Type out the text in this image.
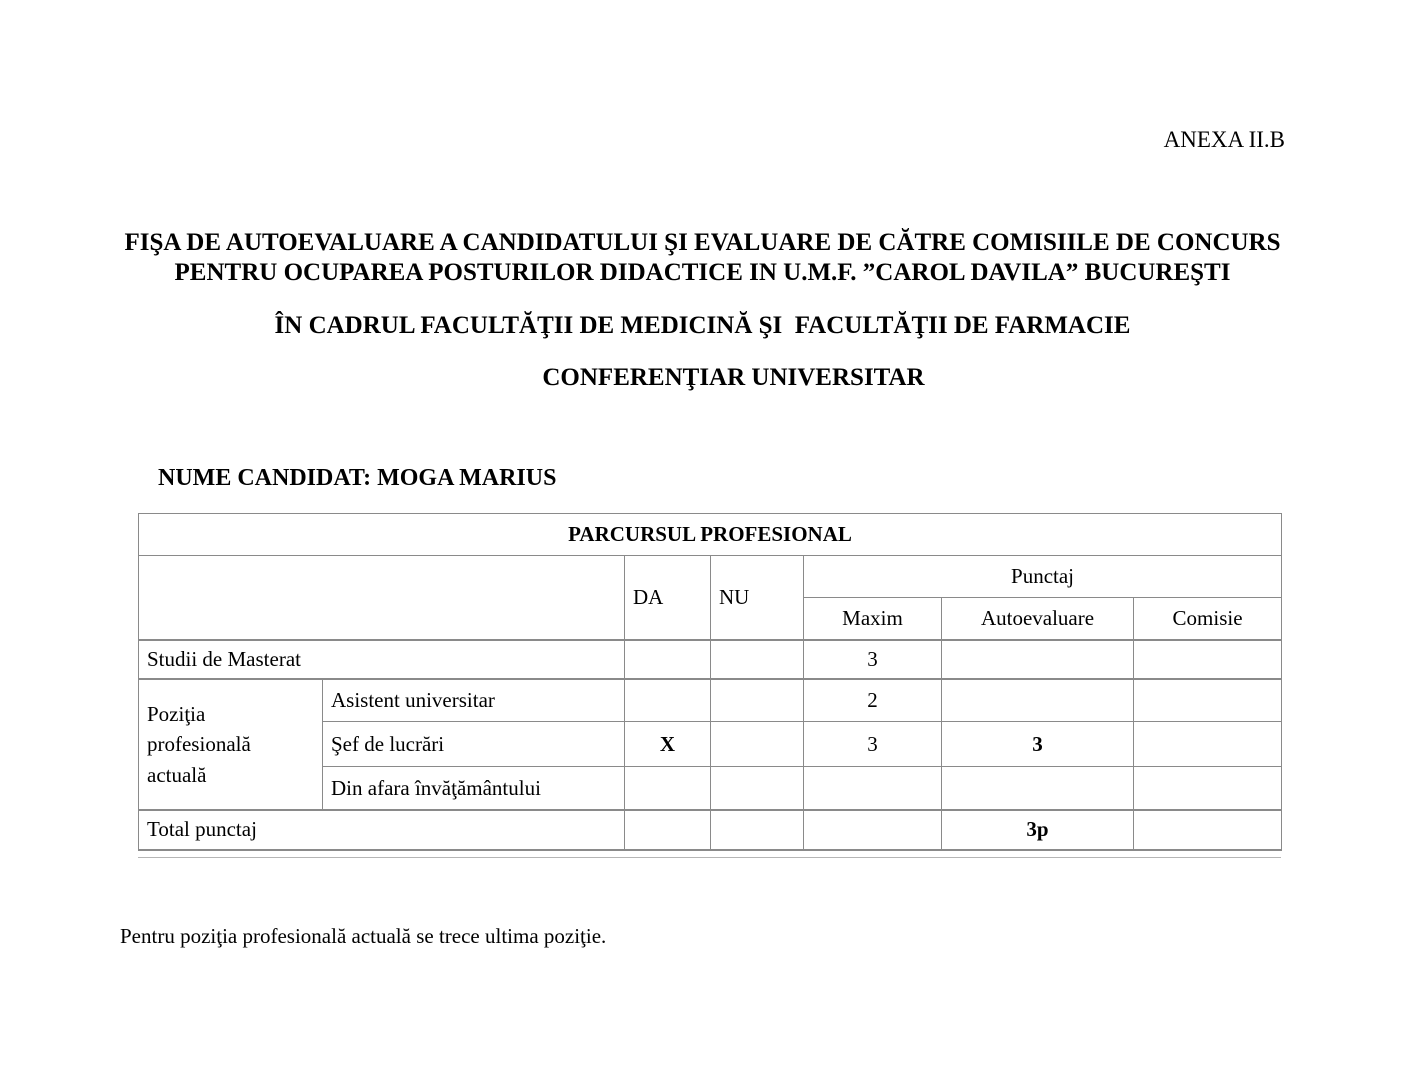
ANEXA II.B
FIŞA DE AUTOEVALUARE A CANDIDATULUI ŞI EVALUARE DE CĂTRE COMISIILE DE CONCURS
PENTRU OCUPAREA POSTURILOR DIDACTICE IN U.M.F. ”CAROL DAVILA” BUCUREŞTI
ÎN CADRUL FACULTĂŢII DE MEDICINĂ ŞI  FACULTĂŢII DE FARMACIE
CONFERENŢIAR UNIVERSITAR
NUME CANDIDAT: MOGA MARIUS
PARCURSUL PROFESIONAL						
		DA	NU	Punctaj		
				Maxim	Autoevaluare	Comisie
Studii de Masterat				3		
Poziţia profesională actuală	Asistent universitar			2		
	Şef de lucrări	X		3	3	
	Din afara învăţământului					
Total punctaj					3p	
Pentru poziţia profesională actuală se trece ultima poziţie.
